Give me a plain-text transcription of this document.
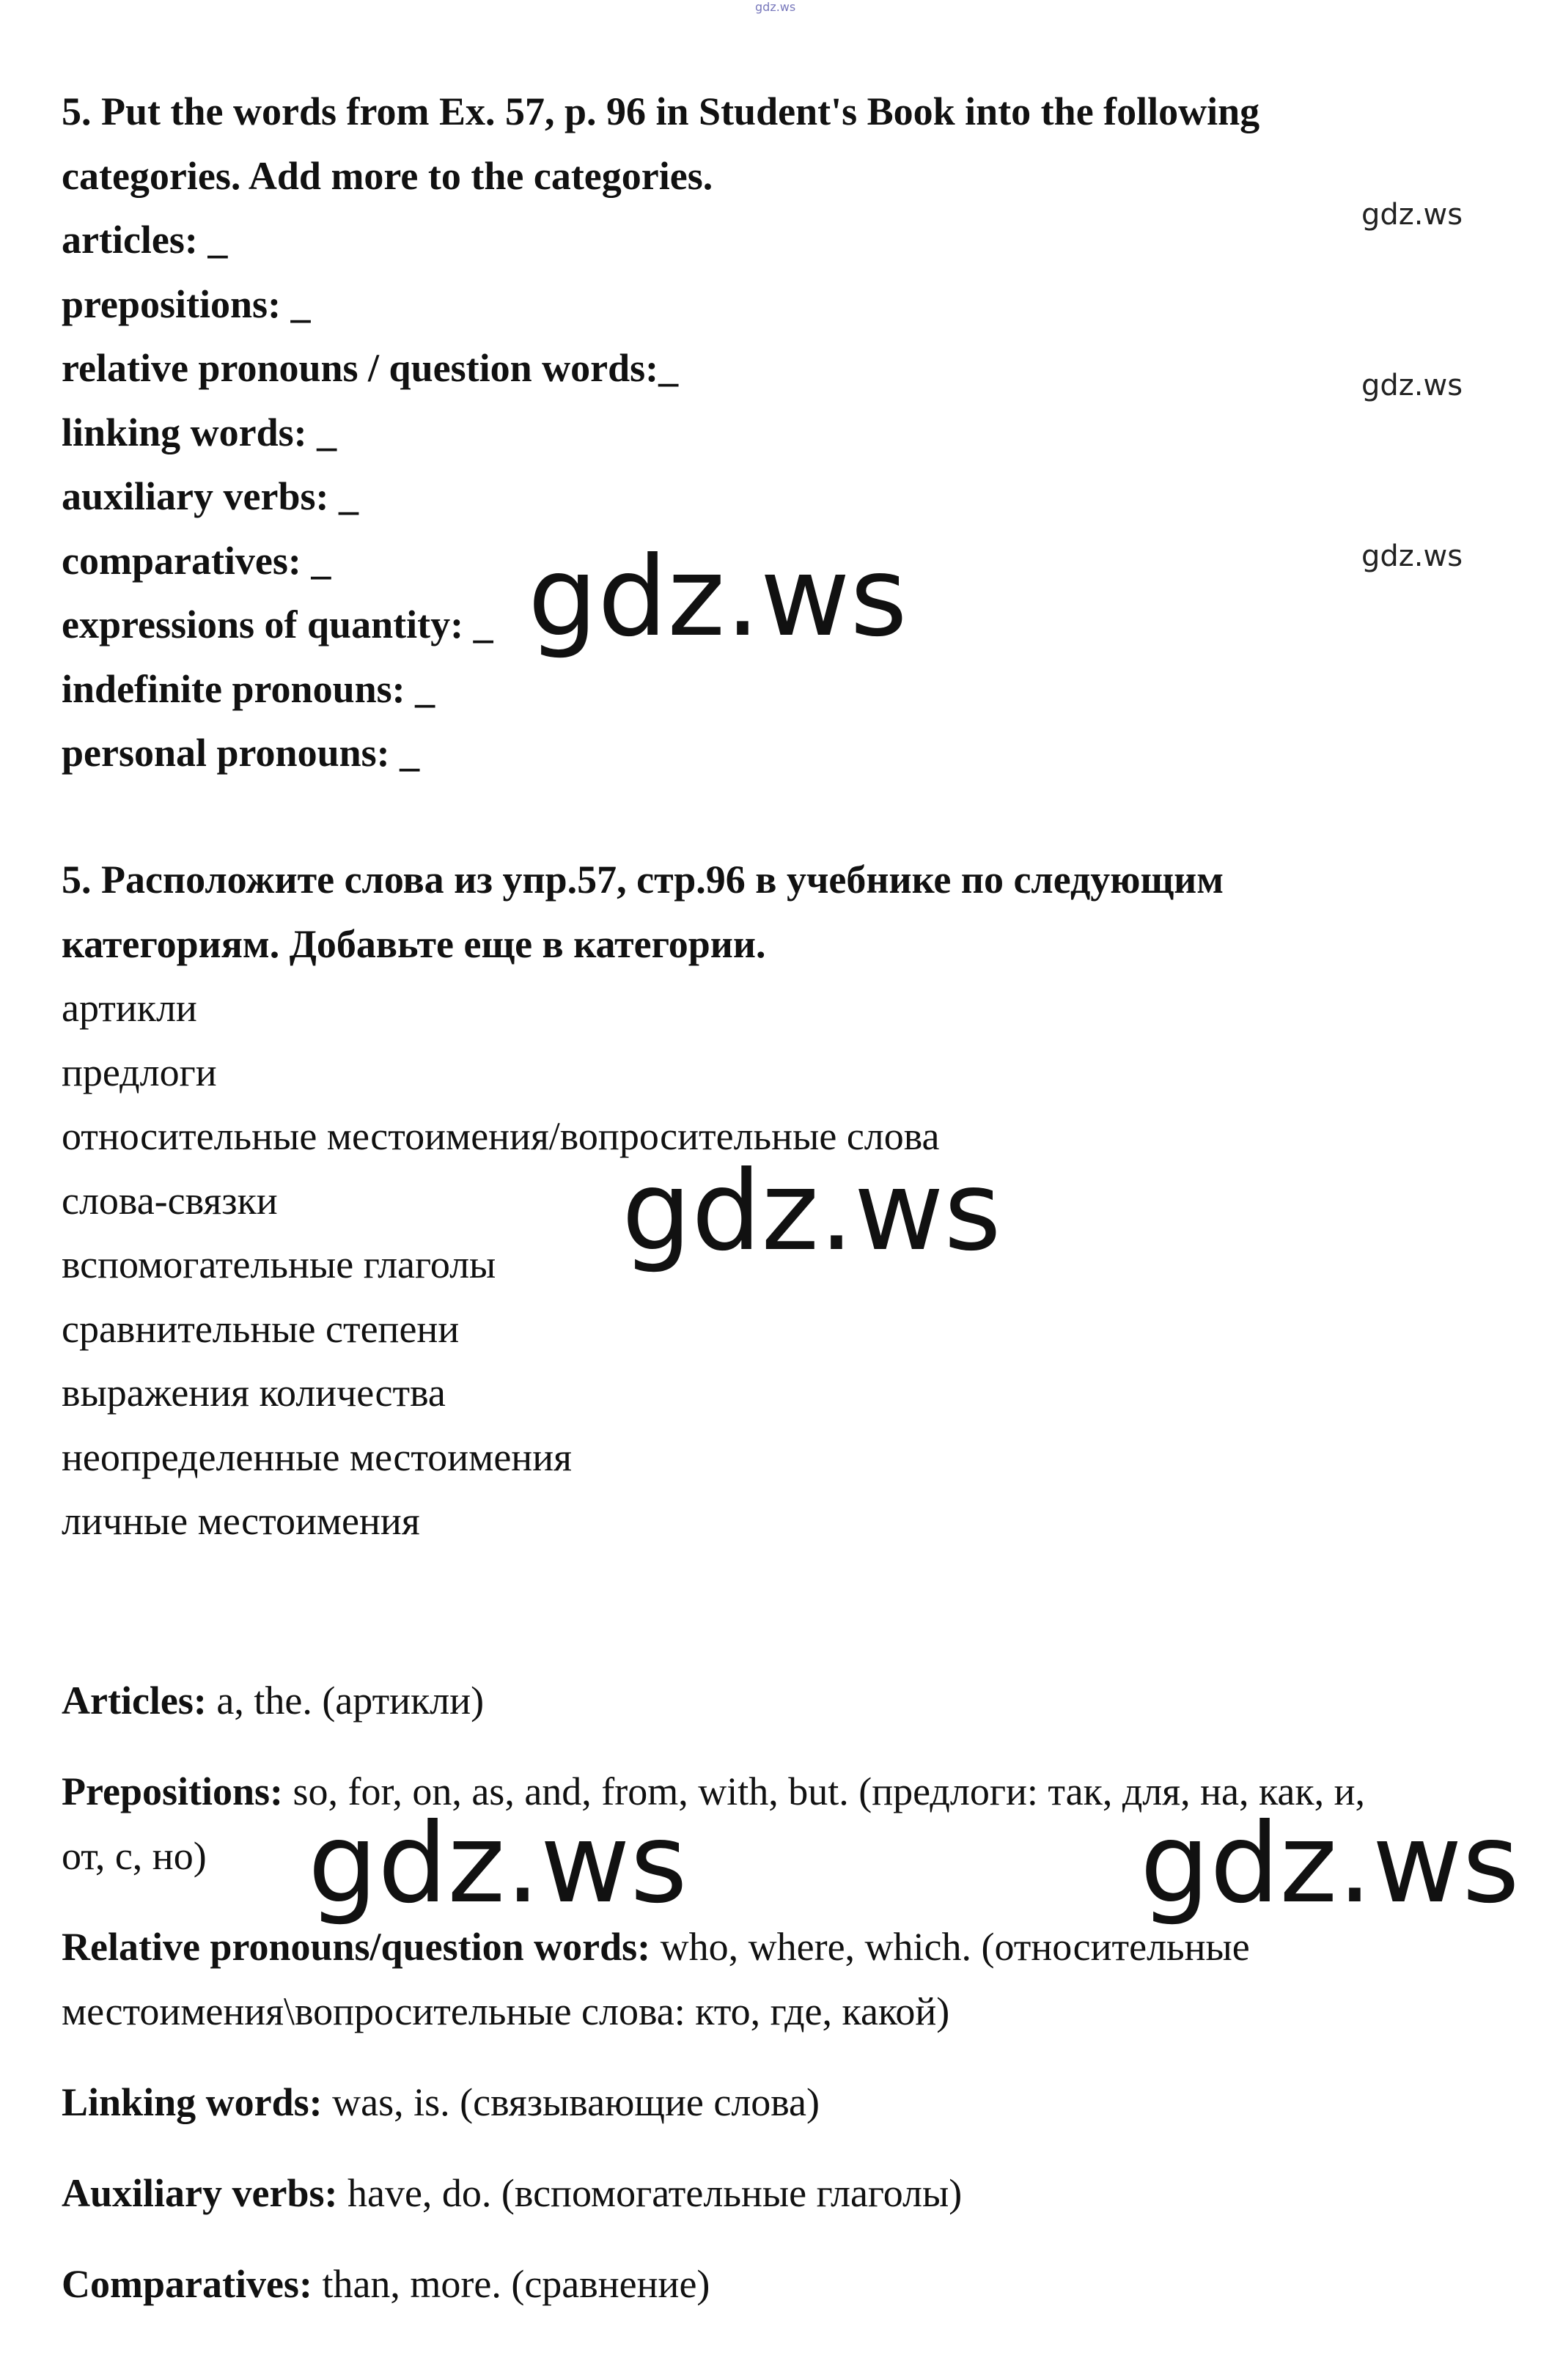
gdz.ws
5. Put the words from Ex. 57, p. 96 in Student's Book into the following
categories. Add more to the categories.
articles: _
prepositions: _
relative pronouns / question words:_
linking words: _
auxiliary verbs: _
comparatives: _
expressions of quantity: _
indefinite pronouns: _
personal pronouns: _
gdz.ws
gdz.ws
gdz.ws
gdz.ws
5. Расположите слова из упр.57, стр.96 в учебнике по следующим
категориям. Добавьте еще в категории.
артикли
предлоги
относительные местоимения/вопросительные слова
слова-связки
вспомогательные глаголы
сравнительные степени
выражения количества
неопределенные местоимения
личные местоимения
gdz.ws
Articles: a, the. (артикли)
Prepositions: so, for, on, as, and, from, with, but. (предлоги: так, для, на, как, и,
от, с, но) gdz.ws	gdz.ws
Relative pronouns/question words: who, where, which. (относительные
местоимения\вопросительные слова: кто, где, какой)
Linking words: was, is. (связывающие слова)
Auxiliary verbs: have, do. (вспомогательные глаголы)
Comparatives: than, more. (сравнение)
